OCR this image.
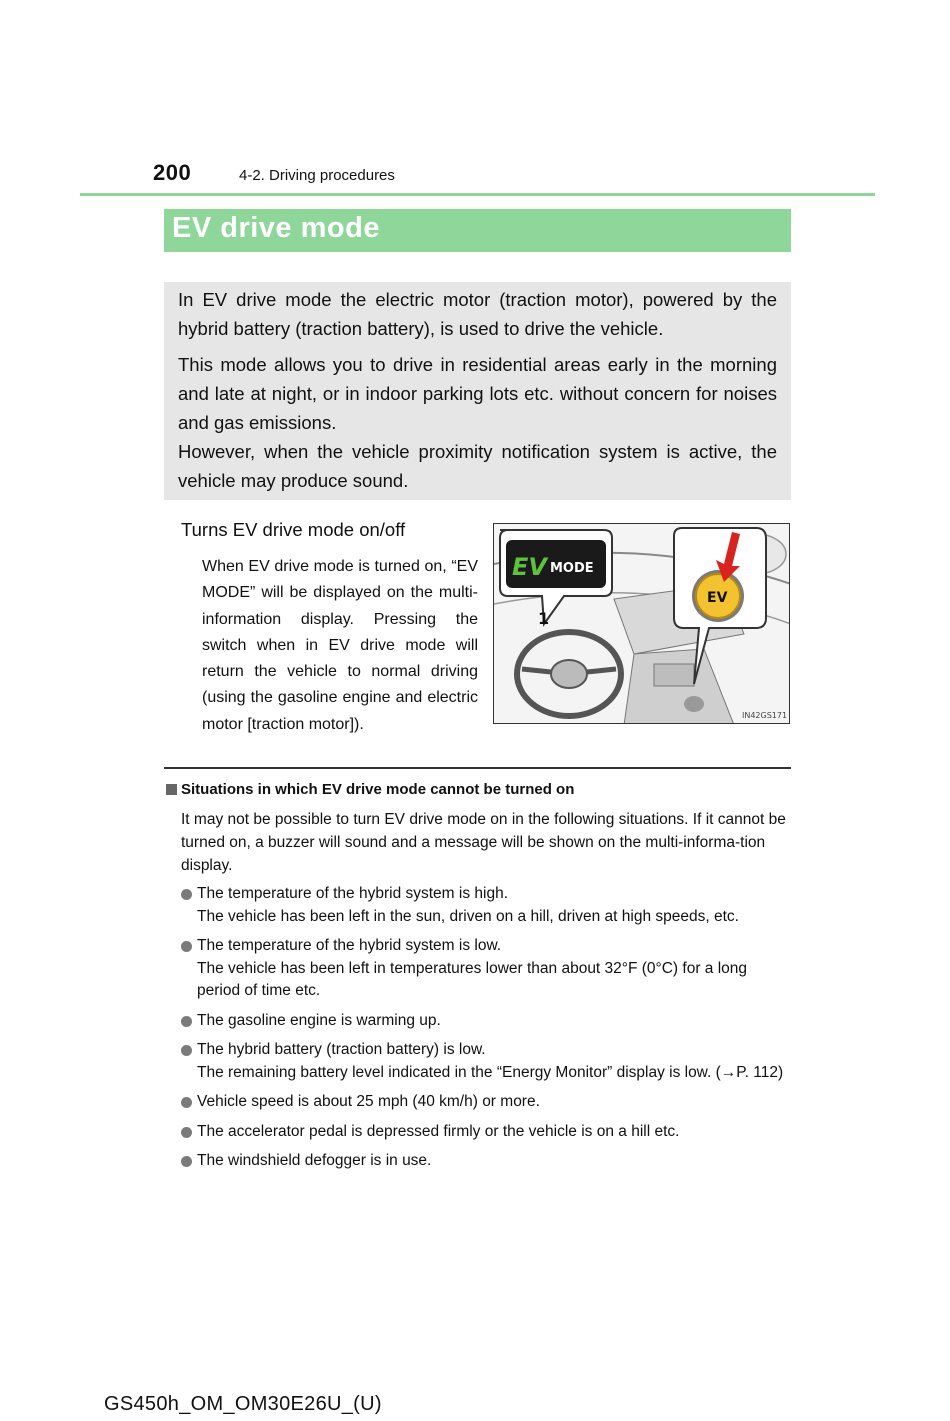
200	4-2. Driving procedures
EV drive mode

In EV drive mode the electric motor (traction motor), powered by the hybrid battery (traction battery), is used to drive the vehicle.

This mode allows you to drive in residential areas early in the morning and late at night, or in indoor parking lots etc. without concern for noises and gas emissions.
However, when the vehicle proximity notification system is active, the vehicle may produce sound.

Turns EV drive mode on/off
When EV drive mode is turned on, “EV MODE” will be displayed on the multi-information display. Pressing the switch when in EV drive mode will return the vehicle to normal driving (using the gasoline engine and electric motor [traction motor]).
EV MODE
1
EV
IN42GS171
Situations in which EV drive mode cannot be turned on
It may not be possible to turn EV drive mode on in the following situations. If it cannot be turned on, a buzzer will sound and a message will be shown on the multi-informa-tion display.
The temperature of the hybrid system is high.
The vehicle has been left in the sun, driven on a hill, driven at high speeds, etc.
The temperature of the hybrid system is low.
The vehicle has been left in temperatures lower than about 32°F (0°C) for a long period of time etc.
The gasoline engine is warming up.
The hybrid battery (traction battery) is low.
The remaining battery level indicated in the “Energy Monitor” display is low. (→P. 112)
Vehicle speed is about 25 mph (40 km/h) or more.
The accelerator pedal is depressed firmly or the vehicle is on a hill etc.
The windshield defogger is in use.
GS450h_OM_OM30E26U_(U)
